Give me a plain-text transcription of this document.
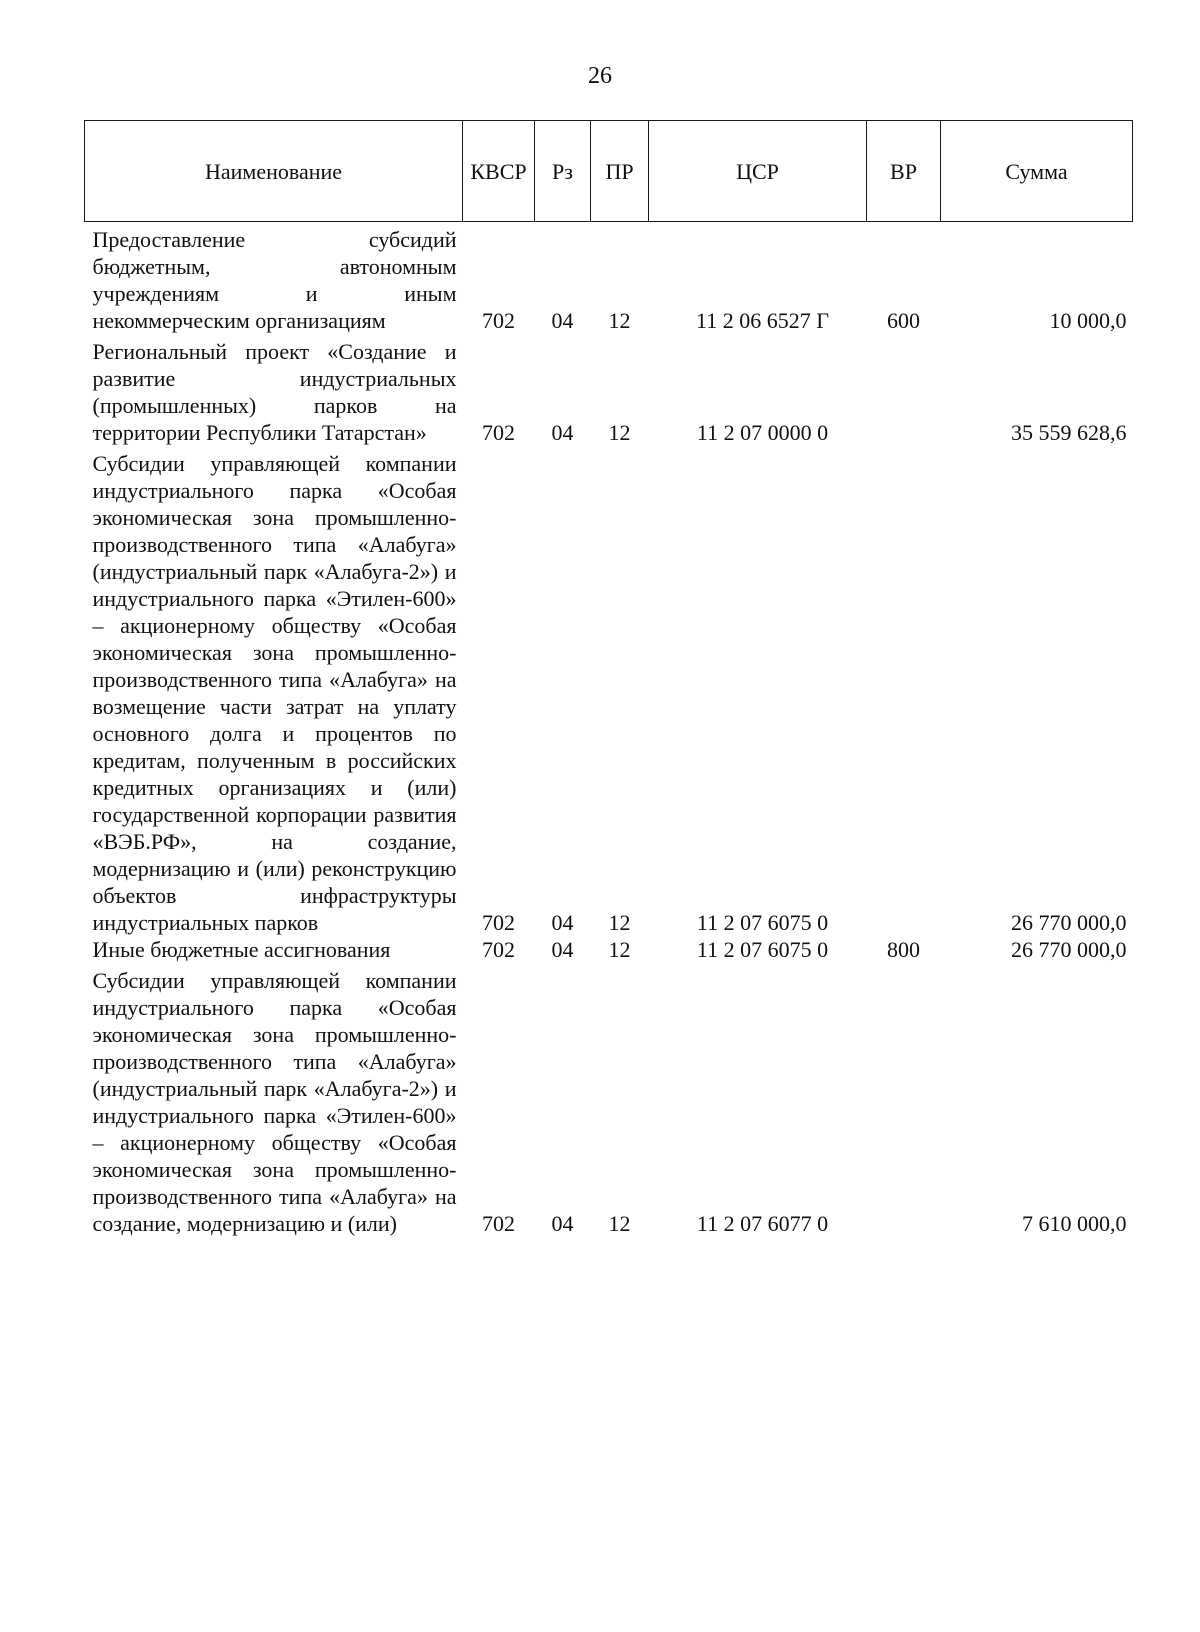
26
Наименование	КВСР	Рз	ПР	ЦСР	ВР	Сумма
Предоставление субсидий бюджетным, автономным учреждениям и иным некоммерческим организациям	702	04	12	11 2 06 6527 Г	600	10 000,0
Региональный проект «Создание и развитие индустриальных (промышленных) парков на территории Республики Татарстан»	702	04	12	11 2 07 0000 0		35 559 628,6
Субсидии управляющей компании индустриального парка «Особая экономическая зона промышленно-производственного типа «Алабуга» (индустриальный парк «Алабуга-2») и индустриального парка «Этилен-600» – акционерному обществу «Особая экономическая зона промышленно-производственного типа «Алабуга» на возмещение части затрат на уплату основного долга и процентов по кредитам, полученным в российских кредитных организациях и (или) государственной корпорации развития «ВЭБ.РФ», на создание, модернизацию и (или) реконструкцию объектов инфраструктуры индустриальных парков	702	04	12	11 2 07 6075 0		26 770 000,0
Иные бюджетные ассигнования	702	04	12	11 2 07 6075 0	800	26 770 000,0
Субсидии управляющей компании индустриального парка «Особая экономическая зона промышленно-производственного типа «Алабуга» (индустриальный парк «Алабуга-2») и индустриального парка «Этилен-600» – акционерному обществу «Особая экономическая зона промышленно-производственного типа «Алабуга» на создание, модернизацию и (или)	702	04	12	11 2 07 6077 0		7 610 000,0
